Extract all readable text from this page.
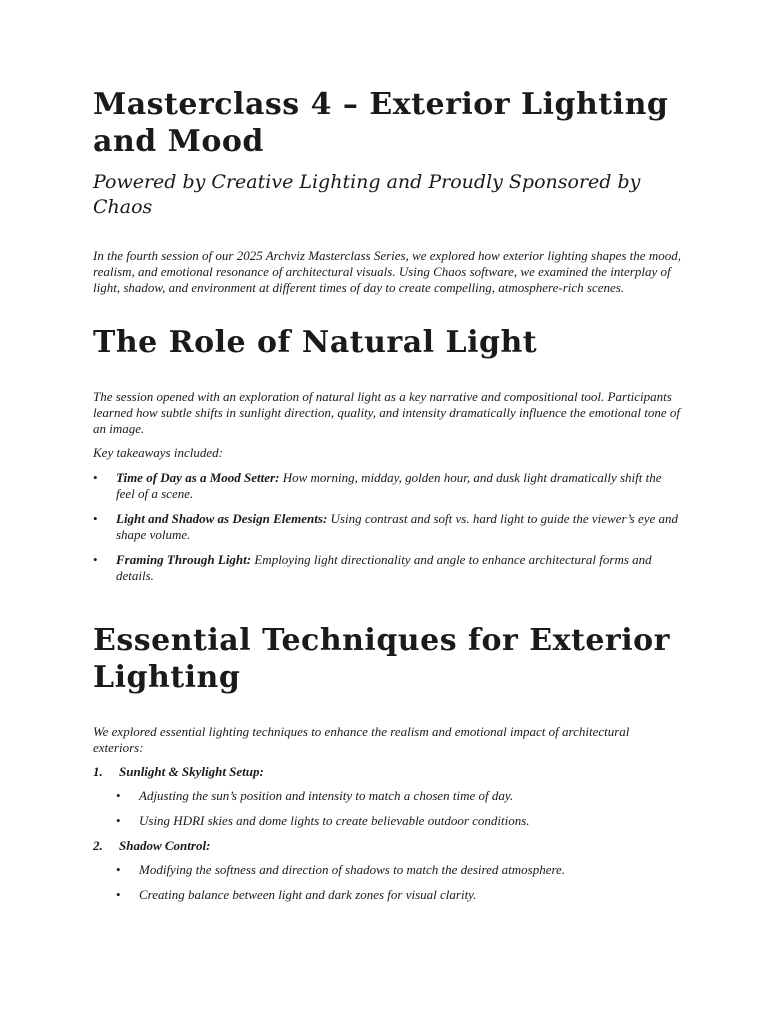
Masterclass 4 – Exterior Lighting and Mood
Powered by Creative Lighting and Proudly Sponsored by Chaos

In the fourth session of our 2025 Archviz Masterclass Series, we explored how exterior lighting shapes the mood, realism, and emotional resonance of architectural visuals. Using Chaos software, we examined the interplay of light, shadow, and environment at different times of day to create compelling, atmosphere-rich scenes.

The Role of Natural Light

The session opened with an exploration of natural light as a key narrative and compositional tool. Participants learned how subtle shifts in sunlight direction, quality, and intensity dramatically influence the emotional tone of an image.

Key takeaways included:

• Time of Day as a Mood Setter: How morning, midday, golden hour, and dusk light dramatically shift the feel of a scene.
• Light and Shadow as Design Elements: Using contrast and soft vs. hard light to guide the viewer’s eye and shape volume.
• Framing Through Light: Employing light directionality and angle to enhance architectural forms and details.
Essential Techniques for Exterior Lighting

We explored essential lighting techniques to enhance the realism and emotional impact of architectural exteriors:

1. Sunlight & Skylight Setup:
• Adjusting the sun’s position and intensity to match a chosen time of day.
• Using HDRI skies and dome lights to create believable outdoor conditions.
2. Shadow Control:
• Modifying the softness and direction of shadows to match the desired atmosphere.
• Creating balance between light and dark zones for visual clarity.
